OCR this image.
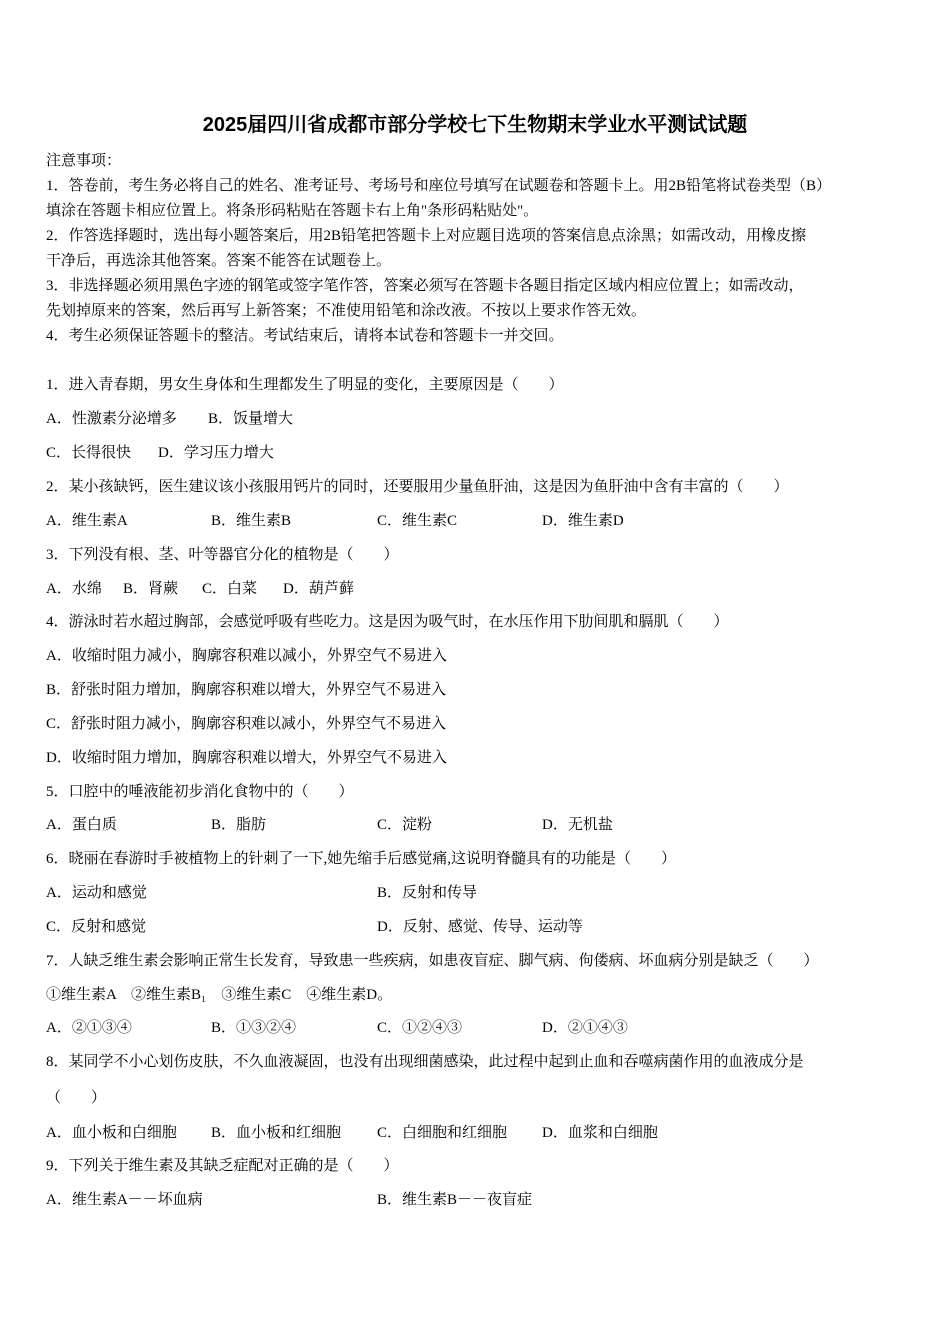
2025届四川省成都市部分学校七下生物期末学业水平测试试题
注意事项：
1．答卷前，考生务必将自己的姓名、准考证号、考场号和座位号填写在试题卷和答题卡上。用2B铅笔将试卷类型（B）
填涂在答题卡相应位置上。将条形码粘贴在答题卡右上角"条形码粘贴处"。
2．作答选择题时，选出每小题答案后，用2B铅笔把答题卡上对应题目选项的答案信息点涂黑；如需改动，用橡皮擦
干净后，再选涂其他答案。答案不能答在试题卷上。
3．非选择题必须用黑色字迹的钢笔或签字笔作答，答案必须写在答题卡各题目指定区域内相应位置上；如需改动，
先划掉原来的答案，然后再写上新答案；不准使用铅笔和涂改液。不按以上要求作答无效。
4．考生必须保证答题卡的整洁。考试结束后，请将本试卷和答题卡一并交回。
1．进入青春期，男女生身体和生理都发生了明显的变化，主要原因是（　　）
A．性激素分泌增多 B．饭量增大
C．长得很快 D．学习压力增大
2．某小孩缺钙，医生建议该小孩服用钙片的同时，还要服用少量鱼肝油，这是因为鱼肝油中含有丰富的（　　）
A．维生素A	B．维生素B	C．维生素C	D．维生素D
3．下列没有根、茎、叶等器官分化的植物是（　　）
A．水绵 B．肾蕨 C．白菜 D．葫芦藓
4．游泳时若水超过胸部，会感觉呼吸有些吃力。这是因为吸气时，在水压作用下肋间肌和膈肌（　　）
A．收缩时阻力减小，胸廓容积难以减小，外界空气不易进入
B．舒张时阻力增加，胸廓容积难以增大，外界空气不易进入
C．舒张时阻力减小，胸廓容积难以减小，外界空气不易进入
D．收缩时阻力增加，胸廓容积难以增大，外界空气不易进入
5．口腔中的唾液能初步消化食物中的（　　）
A．蛋白质	B．脂肪	C．淀粉	D．无机盐
6．晓丽在春游时手被植物上的针刺了一下,她先缩手后感觉痛,这说明脊髓具有的功能是（　　）
A．运动和感觉	B．反射和传导
C．反射和感觉	D．反射、感觉、传导、运动等
7．人缺乏维生素会影响正常生长发育，导致患一些疾病，如患夜盲症、脚气病、佝偻病、坏血病分别是缺乏（　　）
①维生素A　②维生素B₁　③维生素C　④维生素D。
A．②①③④	B．①③②④	C．①②④③	D．②①④③
8．某同学不小心划伤皮肤，不久血液凝固，也没有出现细菌感染，此过程中起到止血和吞噬病菌作用的血液成分是
（　　）
A．血小板和白细胞 B．血小板和红细胞 C．白细胞和红细胞 D．血浆和白细胞
9．下列关于维生素及其缺乏症配对正确的是（　　）
A．维生素A－－坏血病	B．维生素B－－夜盲症
